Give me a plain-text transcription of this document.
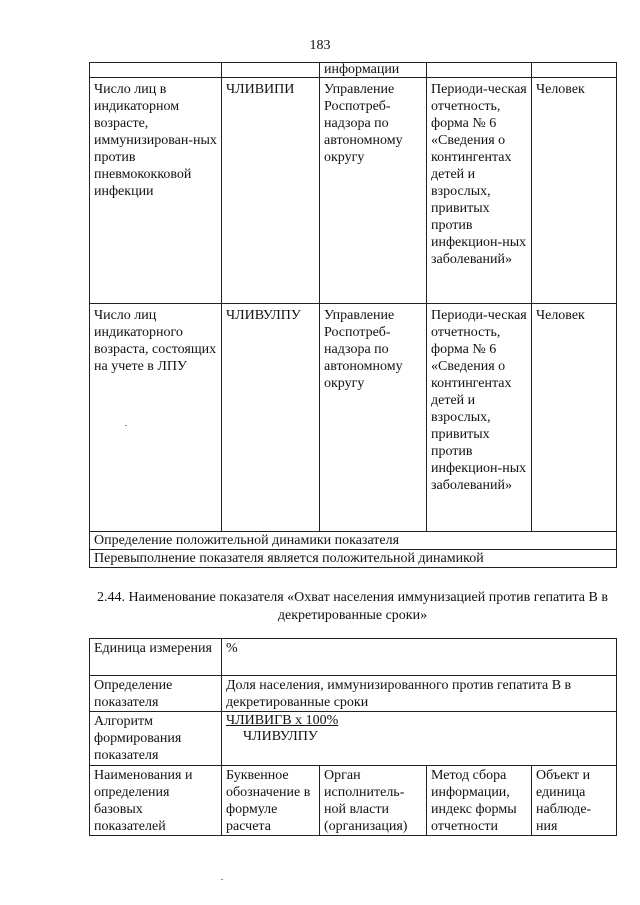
183
		информации		
Число лиц в индикаторном возрасте, иммунизирован-ных против пневмококковой инфекции	ЧЛИВИПИ	Управление Роспотреб-надзора по автономному округу	Периоди-ческая отчетность, форма № 6 «Сведения о контингентах детей и взрослых, привитых против инфекцион-ных заболеваний»	Человек
Число лиц индикаторного возраста, состоящих на учете в ЛПУ	ЧЛИВУЛПУ	Управление Роспотреб-надзора по автономному округу	Периоди-ческая отчетность, форма № 6 «Сведения о контингентах детей и взрослых, привитых против инфекцион-ных заболеваний»	Человек
Определение положительной динамики показателя				
Перевыполнение показателя является положительной динамикой				
2.44. Наименование показателя «Охват населения иммунизацией против гепатита В в декретированные сроки»
Единица измерения	%			
Определение показателя	Доля населения, иммунизированного против гепатита В в декретированные сроки			
Алгоритм формирования показателя	ЧЛИВИГВ x 100%
ЧЛИВУЛПУ			

Наименования и определения базовых показателей	Буквенное обозначение в формуле расчета	Орган исполнитель-ной власти (организация)	Метод сбора информации, индекс формы отчетности	Объект и единица наблюде-ния
